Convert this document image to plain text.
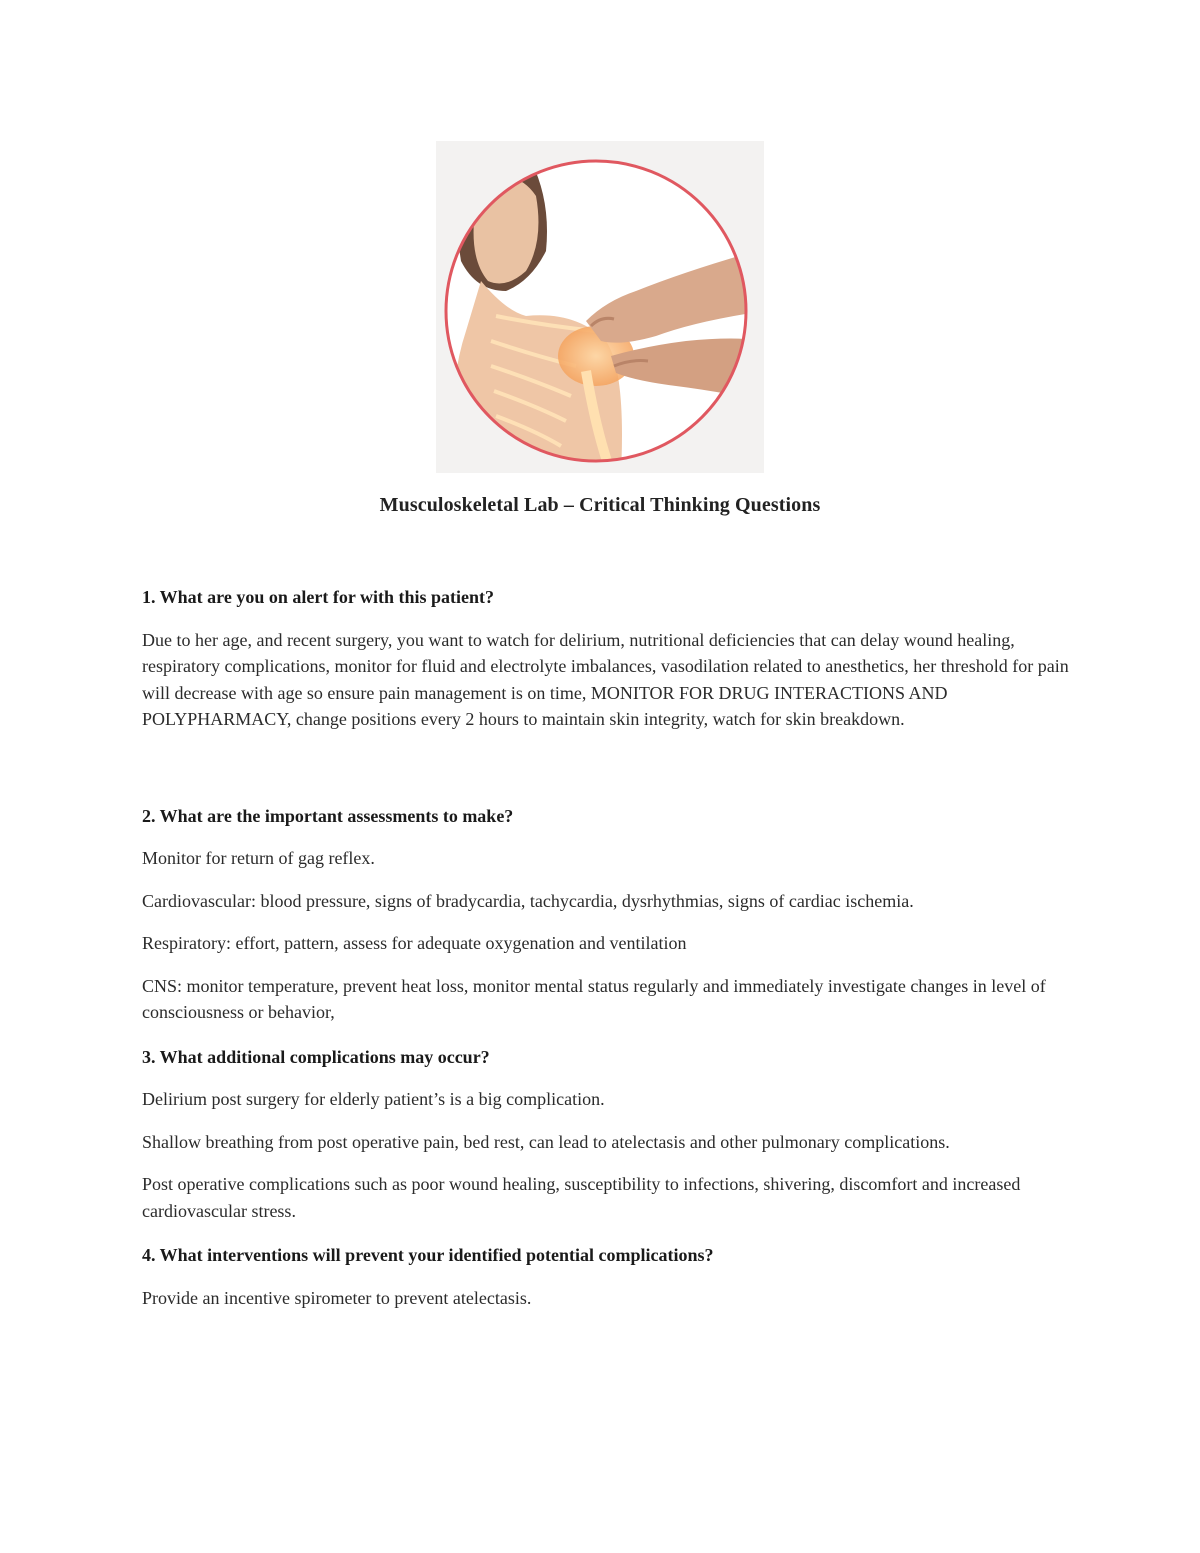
Musculoskeletal Lab – Critical Thinking Questions

1. What are you on alert for with this patient?

Due to her age, and recent surgery, you want to watch for delirium, nutritional deficiencies that can delay wound healing, respiratory complications, monitor for fluid and electrolyte imbalances, vasodilation related to anesthetics, her threshold for pain will decrease with age so ensure pain management is on time, MONITOR FOR DRUG INTERACTIONS AND POLYPHARMACY, change positions every 2 hours to maintain skin integrity, watch for skin breakdown.

2. What are the important assessments to make?

Monitor for return of gag reflex.

Cardiovascular: blood pressure, signs of bradycardia, tachycardia, dysrhythmias, signs of cardiac ischemia.

Respiratory: effort, pattern, assess for adequate oxygenation and ventilation

CNS: monitor temperature, prevent heat loss, monitor mental status regularly and immediately investigate changes in level of consciousness or behavior,

3. What additional complications may occur?

Delirium post surgery for elderly patient’s is a big complication.

Shallow breathing from post operative pain, bed rest, can lead to atelectasis and other pulmonary complications.

Post operative complications such as poor wound healing, susceptibility to infections, shivering, discomfort and increased cardiovascular stress.

4. What interventions will prevent your identified potential complications?

Provide an incentive spirometer to prevent atelectasis.
